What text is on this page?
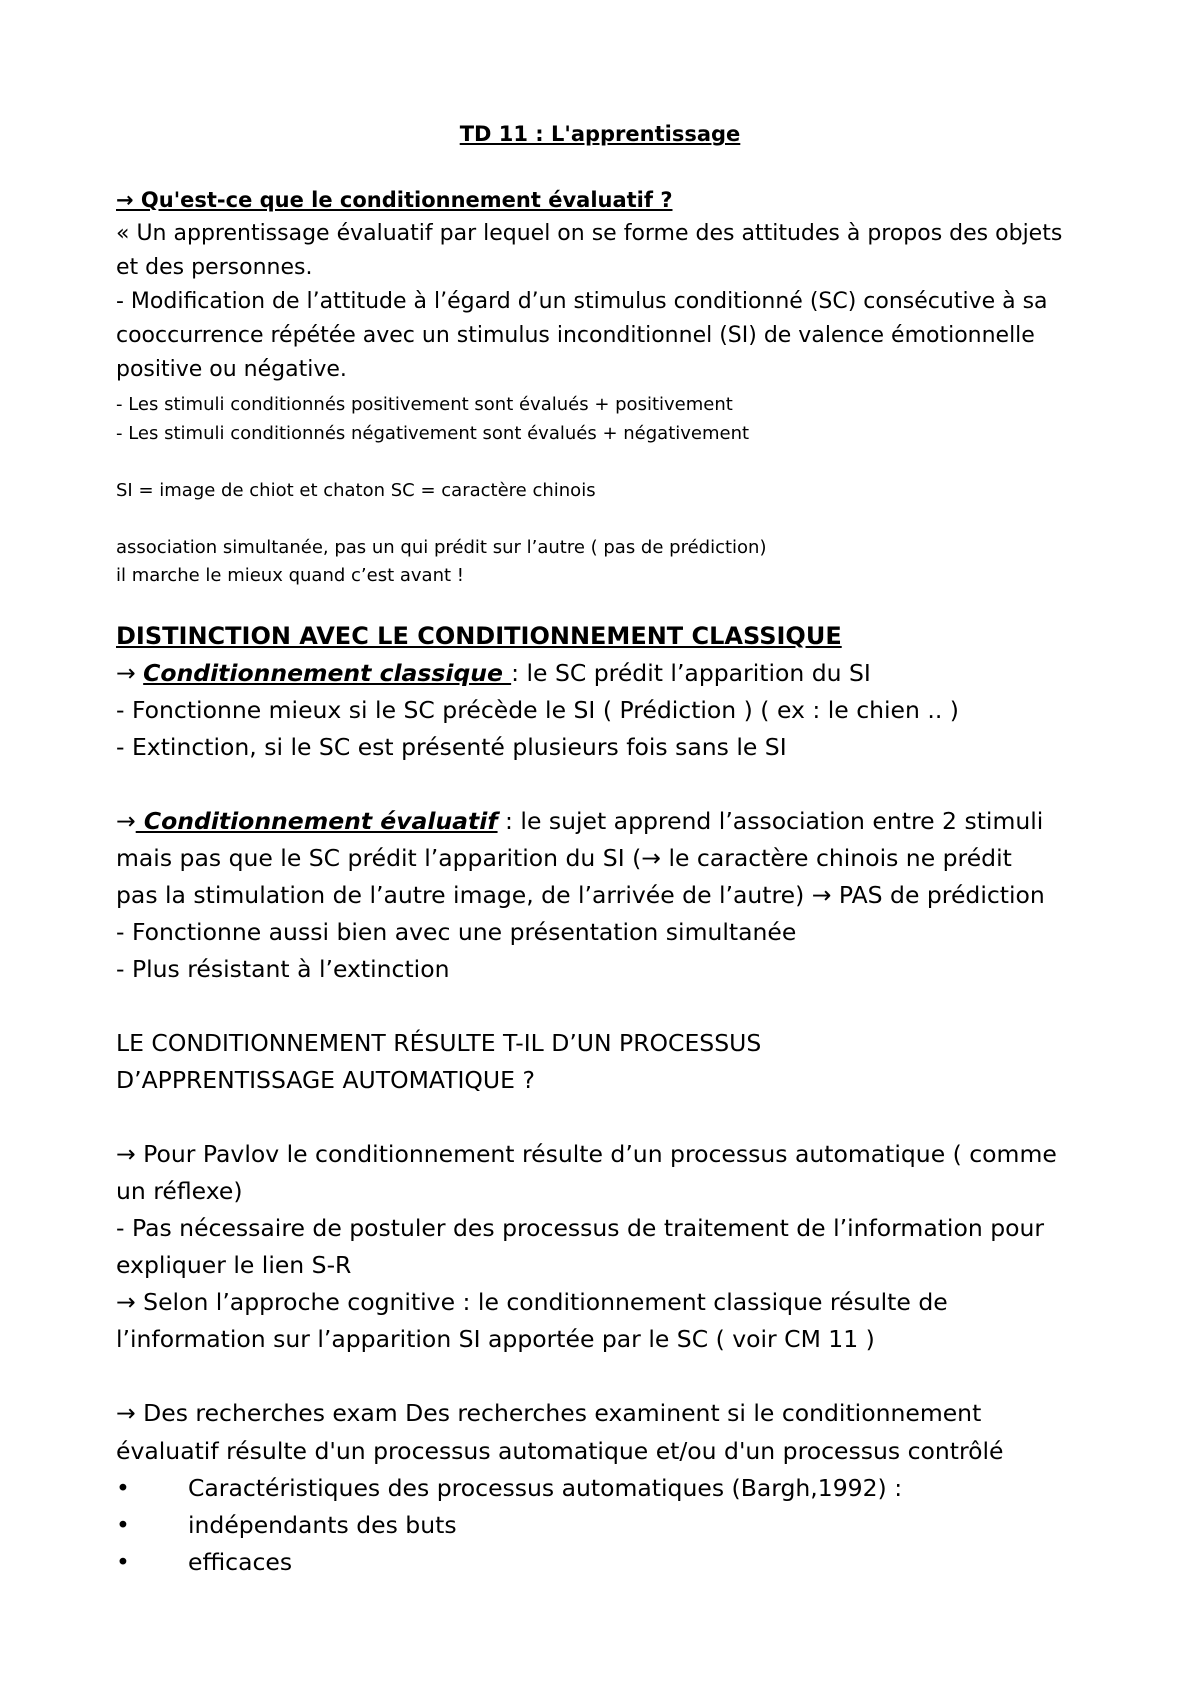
TD 11 : L'apprentissage
→ Qu'est-ce que le conditionnement évaluatif ?
« Un apprentissage évaluatif par lequel on se forme des attitudes à propos des objets
et des personnes.
- Modification de l’attitude à l’égard d’un stimulus conditionné (SC) consécutive à sa
cooccurrence répétée avec un stimulus inconditionnel (SI) de valence émotionnelle
positive ou négative.
- Les stimuli conditionnés positivement sont évalués + positivement
- Les stimuli conditionnés négativement sont évalués + négativement
SI = image de chiot et chaton SC = caractère chinois
association simultanée, pas un qui prédit sur l’autre ( pas de prédiction)
il marche le mieux quand c’est avant !
DISTINCTION AVEC LE CONDITIONNEMENT CLASSIQUE
→ Conditionnement classique : le SC prédit l’apparition du SI
- Fonctionne mieux si le SC précède le SI ( Prédiction ) ( ex : le chien .. )
- Extinction, si le SC est présenté plusieurs fois sans le SI
→ Conditionnement évaluatif : le sujet apprend l’association entre 2 stimuli
mais pas que le SC prédit l’apparition du SI (→ le caractère chinois ne prédit
pas la stimulation de l’autre image, de l’arrivée de l’autre) → PAS de prédiction
- Fonctionne aussi bien avec une présentation simultanée
- Plus résistant à l’extinction
LE CONDITIONNEMENT RÉSULTE T-IL D’UN PROCESSUS
D’APPRENTISSAGE AUTOMATIQUE ?
→ Pour Pavlov le conditionnement résulte d’un processus automatique ( comme
un réflexe)
- Pas nécessaire de postuler des processus de traitement de l’information pour
expliquer le lien S-R
→ Selon l’approche cognitive : le conditionnement classique résulte de
l’information sur l’apparition SI apportée par le SC ( voir CM 11 )
→ Des recherches exam Des recherches examinent si le conditionnement
évaluatif résulte d'un processus automatique et/ou d'un processus contrôlé
• Caractéristiques des processus automatiques (Bargh,1992) :
• indépendants des buts
• efficaces
